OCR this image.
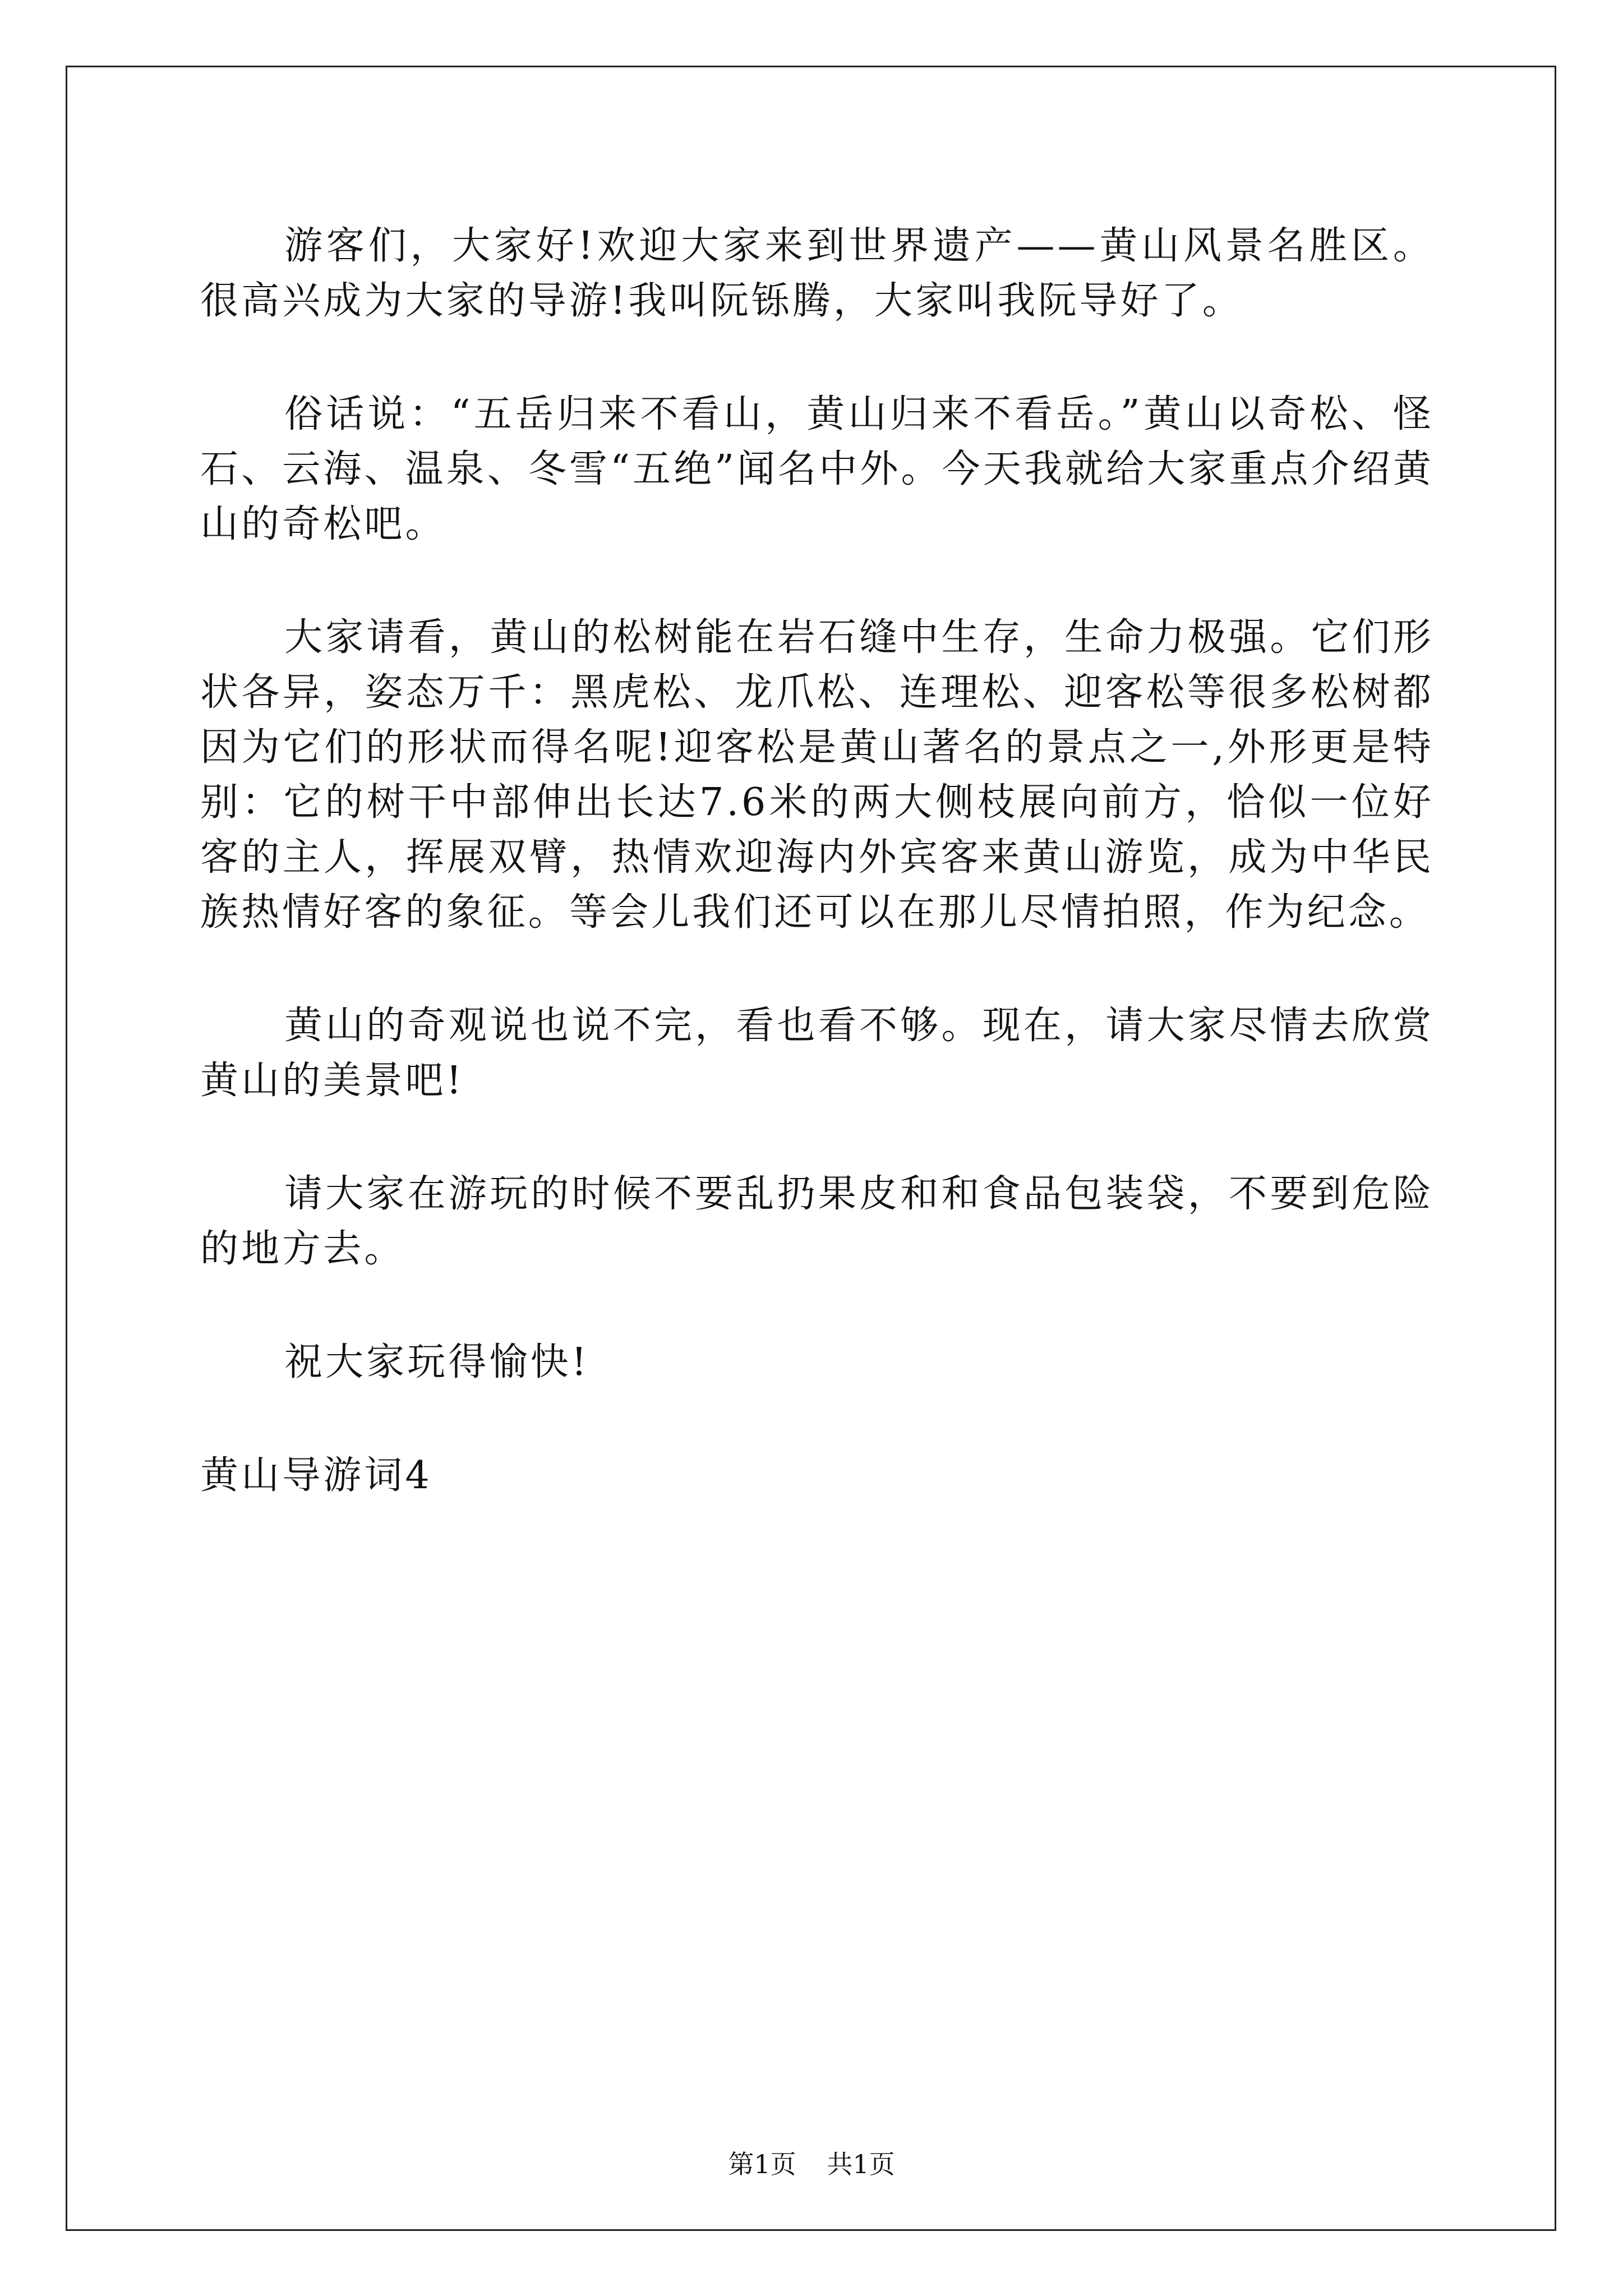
游客们，大家好!欢迎大家来到世界遗产——黄山风景名胜区。很高兴成为大家的导游!我叫阮铄腾，大家叫我阮导好了。

俗话说：“五岳归来不看山，黄山归来不看岳。”黄山以奇松、怪石、云海、温泉、冬雪“五绝”闻名中外。今天我就给大家重点介绍黄山的奇松吧。

大家请看，黄山的松树能在岩石缝中生存，生命力极强。它们形状各异，姿态万千：黑虎松、龙爪松、连理松、迎客松等很多松树都因为它们的形状而得名呢!迎客松是黄山著名的景点之一,外形更是特别：它的树干中部伸出长达7.6米的两大侧枝展向前方，恰似一位好客的主人，挥展双臂，热情欢迎海内外宾客来黄山游览，成为中华民族热情好客的象征。等会儿我们还可以在那儿尽情拍照，作为纪念。

黄山的奇观说也说不完，看也看不够。现在，请大家尽情去欣赏黄山的美景吧!

请大家在游玩的时候不要乱扔果皮和和食品包装袋，不要到危险的地方去。

祝大家玩得愉快!

黄山导游词4

第1页 共1页
